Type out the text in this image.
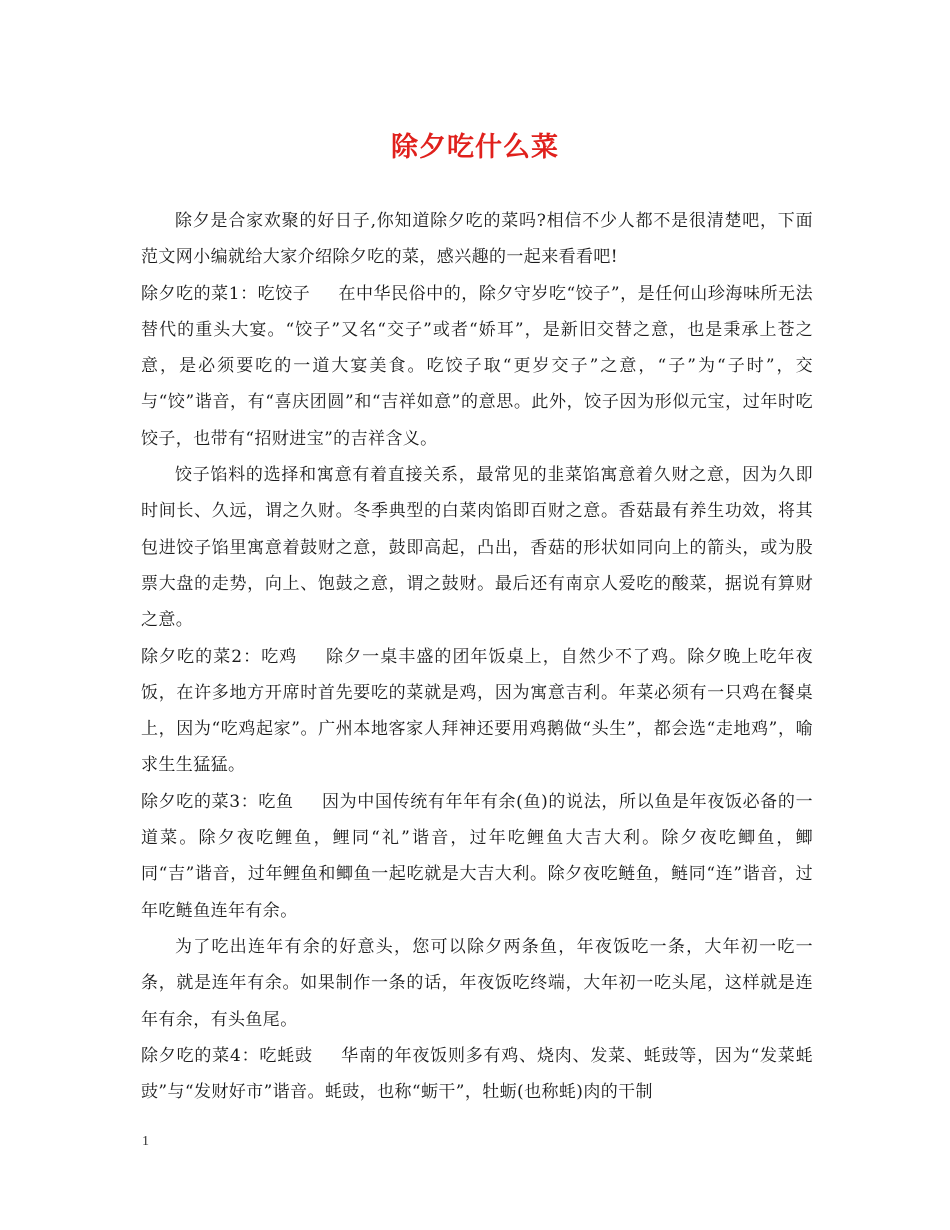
除夕吃什么菜

除夕是合家欢聚的好日子,你知道除夕吃的菜吗?相信不少人都不是很清楚吧，下面范文网小编就给大家介绍除夕吃的菜，感兴趣的一起来看看吧!

除夕吃的菜1：吃饺子 在中华民俗中的，除夕守岁吃“饺子”，是任何山珍海味所无法替代的重头大宴。“饺子”又名“交子”或者“娇耳”，是新旧交替之意，也是秉承上苍之意，是必须要吃的一道大宴美食。吃饺子取“更岁交子”之意，“子”为“子时”，交与“饺”谐音，有“喜庆团圆”和“吉祥如意”的意思。此外，饺子因为形似元宝，过年时吃饺子，也带有“招财进宝”的吉祥含义。

饺子馅料的选择和寓意有着直接关系，最常见的韭菜馅寓意着久财之意，因为久即时间长、久远，谓之久财。冬季典型的白菜肉馅即百财之意。香菇最有养生功效，将其包进饺子馅里寓意着鼓财之意，鼓即高起，凸出，香菇的形状如同向上的箭头，或为股票大盘的走势，向上、饱鼓之意，谓之鼓财。最后还有南京人爱吃的酸菜，据说有算财之意。

除夕吃的菜2：吃鸡 除夕一桌丰盛的团年饭桌上，自然少不了鸡。除夕晚上吃年夜饭，在许多地方开席时首先要吃的菜就是鸡，因为寓意吉利。年菜必须有一只鸡在餐桌上，因为“吃鸡起家”。广州本地客家人拜神还要用鸡鹅做“头生”，都会选“走地鸡”，喻求生生猛猛。

除夕吃的菜3：吃鱼 因为中国传统有年年有余(鱼)的说法，所以鱼是年夜饭必备的一道菜。除夕夜吃鲤鱼，鲤同“礼”谐音，过年吃鲤鱼大吉大利。除夕夜吃鲫鱼，鲫同“吉”谐音，过年鲤鱼和鲫鱼一起吃就是大吉大利。除夕夜吃鲢鱼，鲢同“连”谐音，过年吃鲢鱼连年有余。

为了吃出连年有余的好意头，您可以除夕两条鱼，年夜饭吃一条，大年初一吃一条，就是连年有余。如果制作一条的话，年夜饭吃终端，大年初一吃头尾，这样就是连年有余，有头鱼尾。

除夕吃的菜4：吃蚝豉 华南的年夜饭则多有鸡、烧肉、发菜、蚝豉等，因为“发菜蚝豉”与“发财好市”谐音。蚝豉，也称“蛎干”，牡蛎(也称蚝)肉的干制

1
